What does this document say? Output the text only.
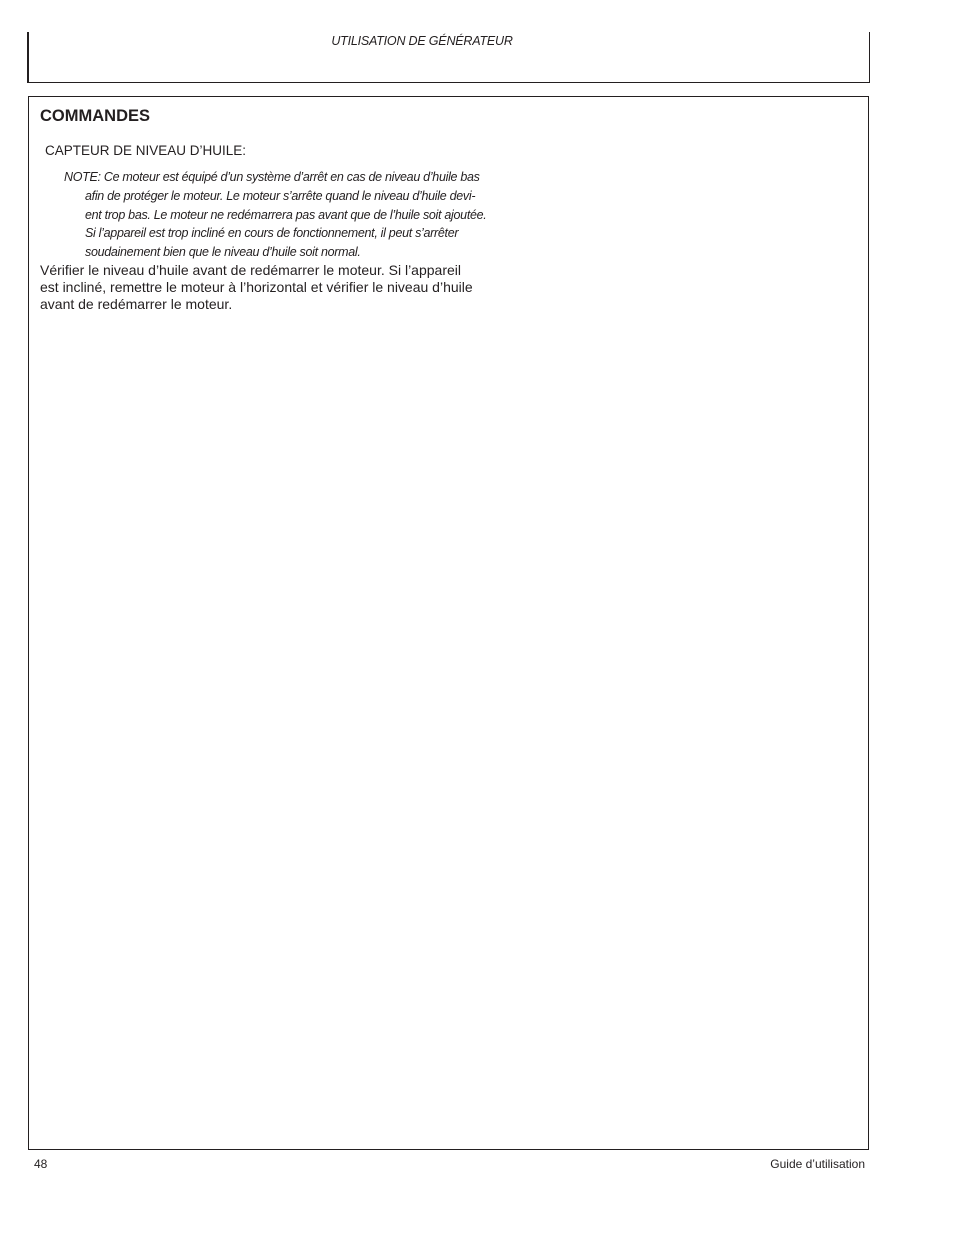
UTILISATION DE GÉNÉRATEUR

COMMANDES

CAPTEUR DE NIVEAU D’HUILE:

NOTE: Ce moteur est équipé d’un système d’arrêt en cas de niveau d’huile bas
afin de protéger le moteur. Le moteur s’arrête quand le niveau d’huile devi-
ent trop bas. Le moteur ne redémarrera pas avant que de l’huile soit ajoutée.
Si l’appareil est trop incliné en cours de fonctionnement, il peut s’arrêter
soudainement bien que le niveau d’huile soit normal.

Vérifier le niveau d’huile avant de redémarrer le moteur. Si l’appareil
est incliné, remettre le moteur à l’horizontal et vérifier le niveau d’huile
avant de redémarrer le moteur.

48	Guide d’utilisation
